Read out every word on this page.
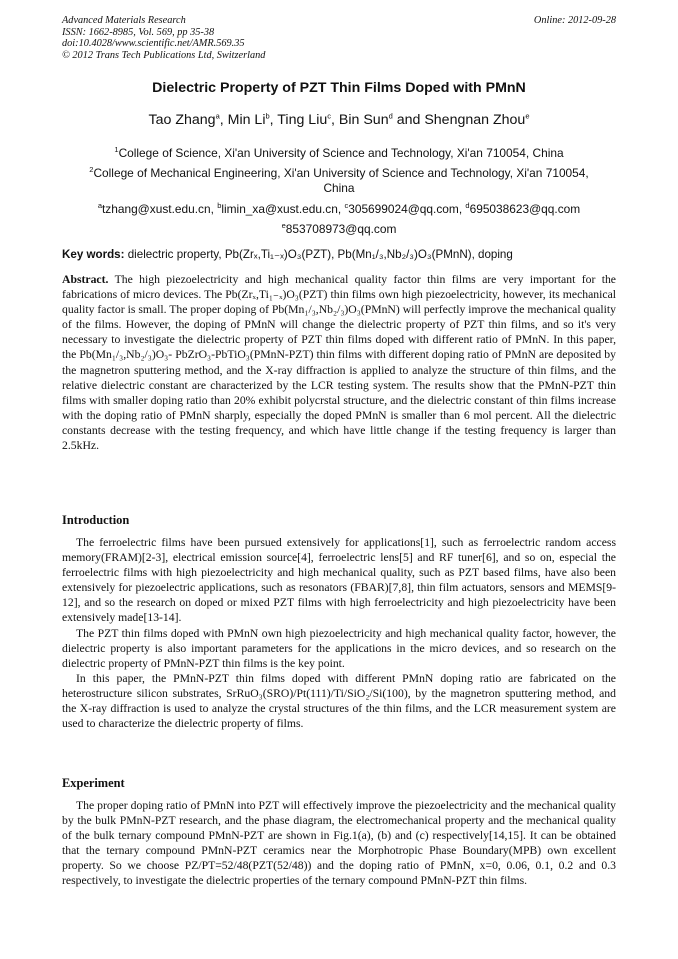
Advanced Materials Research
ISSN: 1662-8985, Vol. 569, pp 35-38
doi:10.4028/www.scientific.net/AMR.569.35
© 2012 Trans Tech Publications Ltd, Switzerland
Online: 2012-09-28
Dielectric Property of PZT Thin Films Doped with PMnN
Tao Zhang$^a$, Min Li$^b$, Ting Liu$^c$, Bin Sun$^d$ and Shengnan Zhou$^e$
$^1$College of Science, Xi'an University of Science and Technology, Xi'an 710054, China
$^2$College of Mechanical Engineering, Xi'an University of Science and Technology, Xi'an 710054, China
$^a$tzhang@xust.edu.cn, $^b$limin_xa@xust.edu.cn, $^c$305699024@qq.com, $^d$695038623@qq.com
$^e$853708973@qq.com
Key words: dielectric property, Pb(Zrₓ,Ti₁₋ₓ)O₃(PZT), Pb(Mn₁/₃,Nb₂/₃)O₃(PMnN), doping

Abstract. The high piezoelectricity and high mechanical quality factor thin films are very important for the fabrications of micro devices. The Pb(Zrₓ,Ti₁₋ₓ)O₃(PZT) thin films own high piezoelectricity, however, its mechanical quality factor is small. The proper doping of Pb(Mn₁/₃,Nb₂/₃)O₃(PMnN) will perfectly improve the mechanical quality of the films. However, the doping of PMnN will change the dielectric property of PZT thin films, and so it's very necessary to investigate the dielectric property of PZT thin films doped with different ratio of PMnN. In this paper, the Pb(Mn₁/₃,Nb₂/₃)O₃- PbZrO₃-PbTiO₃(PMnN-PZT) thin films with different doping ratio of PMnN are deposited by the magnetron sputtering method, and the X-ray diffraction is applied to analyze the structure of thin films, and the relative dielectric constant are characterized by the LCR testing system. The results show that the PMnN-PZT thin films with smaller doping ratio than 20% exhibit polycrstal structure, and the dielectric constant of thin films increase with the doping ratio of PMnN sharply, especially the doped PMnN is smaller than 6 mol percent. All the dielectric constants decrease with the testing frequency, and which have little change if the testing frequency is larger than 2.5kHz.

Introduction

The ferroelectric films have been pursued extensively for applications[1], such as ferroelectric random access memory(FRAM)[2-3], electrical emission source[4], ferroelectric lens[5] and RF tuner[6], and so on, especial the ferroelectric films with high piezoelectricity and high mechanical quality, such as PZT based films, have also been extensively for piezoelectric applications, such as resonators (FBAR)[7,8], thin film actuators, sensors and MEMS[9-12], and so the research on doped or mixed PZT films with high ferroelectricity and high piezoelectricity have been extensively made[13-14].

The PZT thin films doped with PMnN own high piezoelectricity and high mechanical quality factor, however, the dielectric property is also important parameters for the applications in the micro devices, and so research on the dielectric property of PMnN-PZT thin films is the key point.

In this paper, the PMnN-PZT thin films doped with different PMnN doping ratio are fabricated on the heterostructure silicon substrates, SrRuO₃(SRO)/Pt(111)/Ti/SiO₂/Si(100), by the magnetron sputtering method, and the X-ray diffraction is used to analyze the crystal structures of the thin films, and the LCR measurement system are used to characterize the dielectric property of films.

Experiment

The proper doping ratio of PMnN into PZT will effectively improve the piezoelectricity and the mechanical quality by the bulk PMnN-PZT research, and the phase diagram, the electromechanical property and the mechanical quality of the bulk ternary compound PMnN-PZT are shown in Fig.1(a), (b) and (c) respectively[14,15]. It can be obtained that the ternary compound PMnN-PZT ceramics near the Morphotropic Phase Boundary(MPB) own excellent property. So we choose PZ/PT=52/48(PZT(52/48)) and the doping ratio of PMnN, x=0, 0.06, 0.1, 0.2 and 0.3 respectively, to investigate the dielectric properties of the ternary compound PMnN-PZT thin films.
